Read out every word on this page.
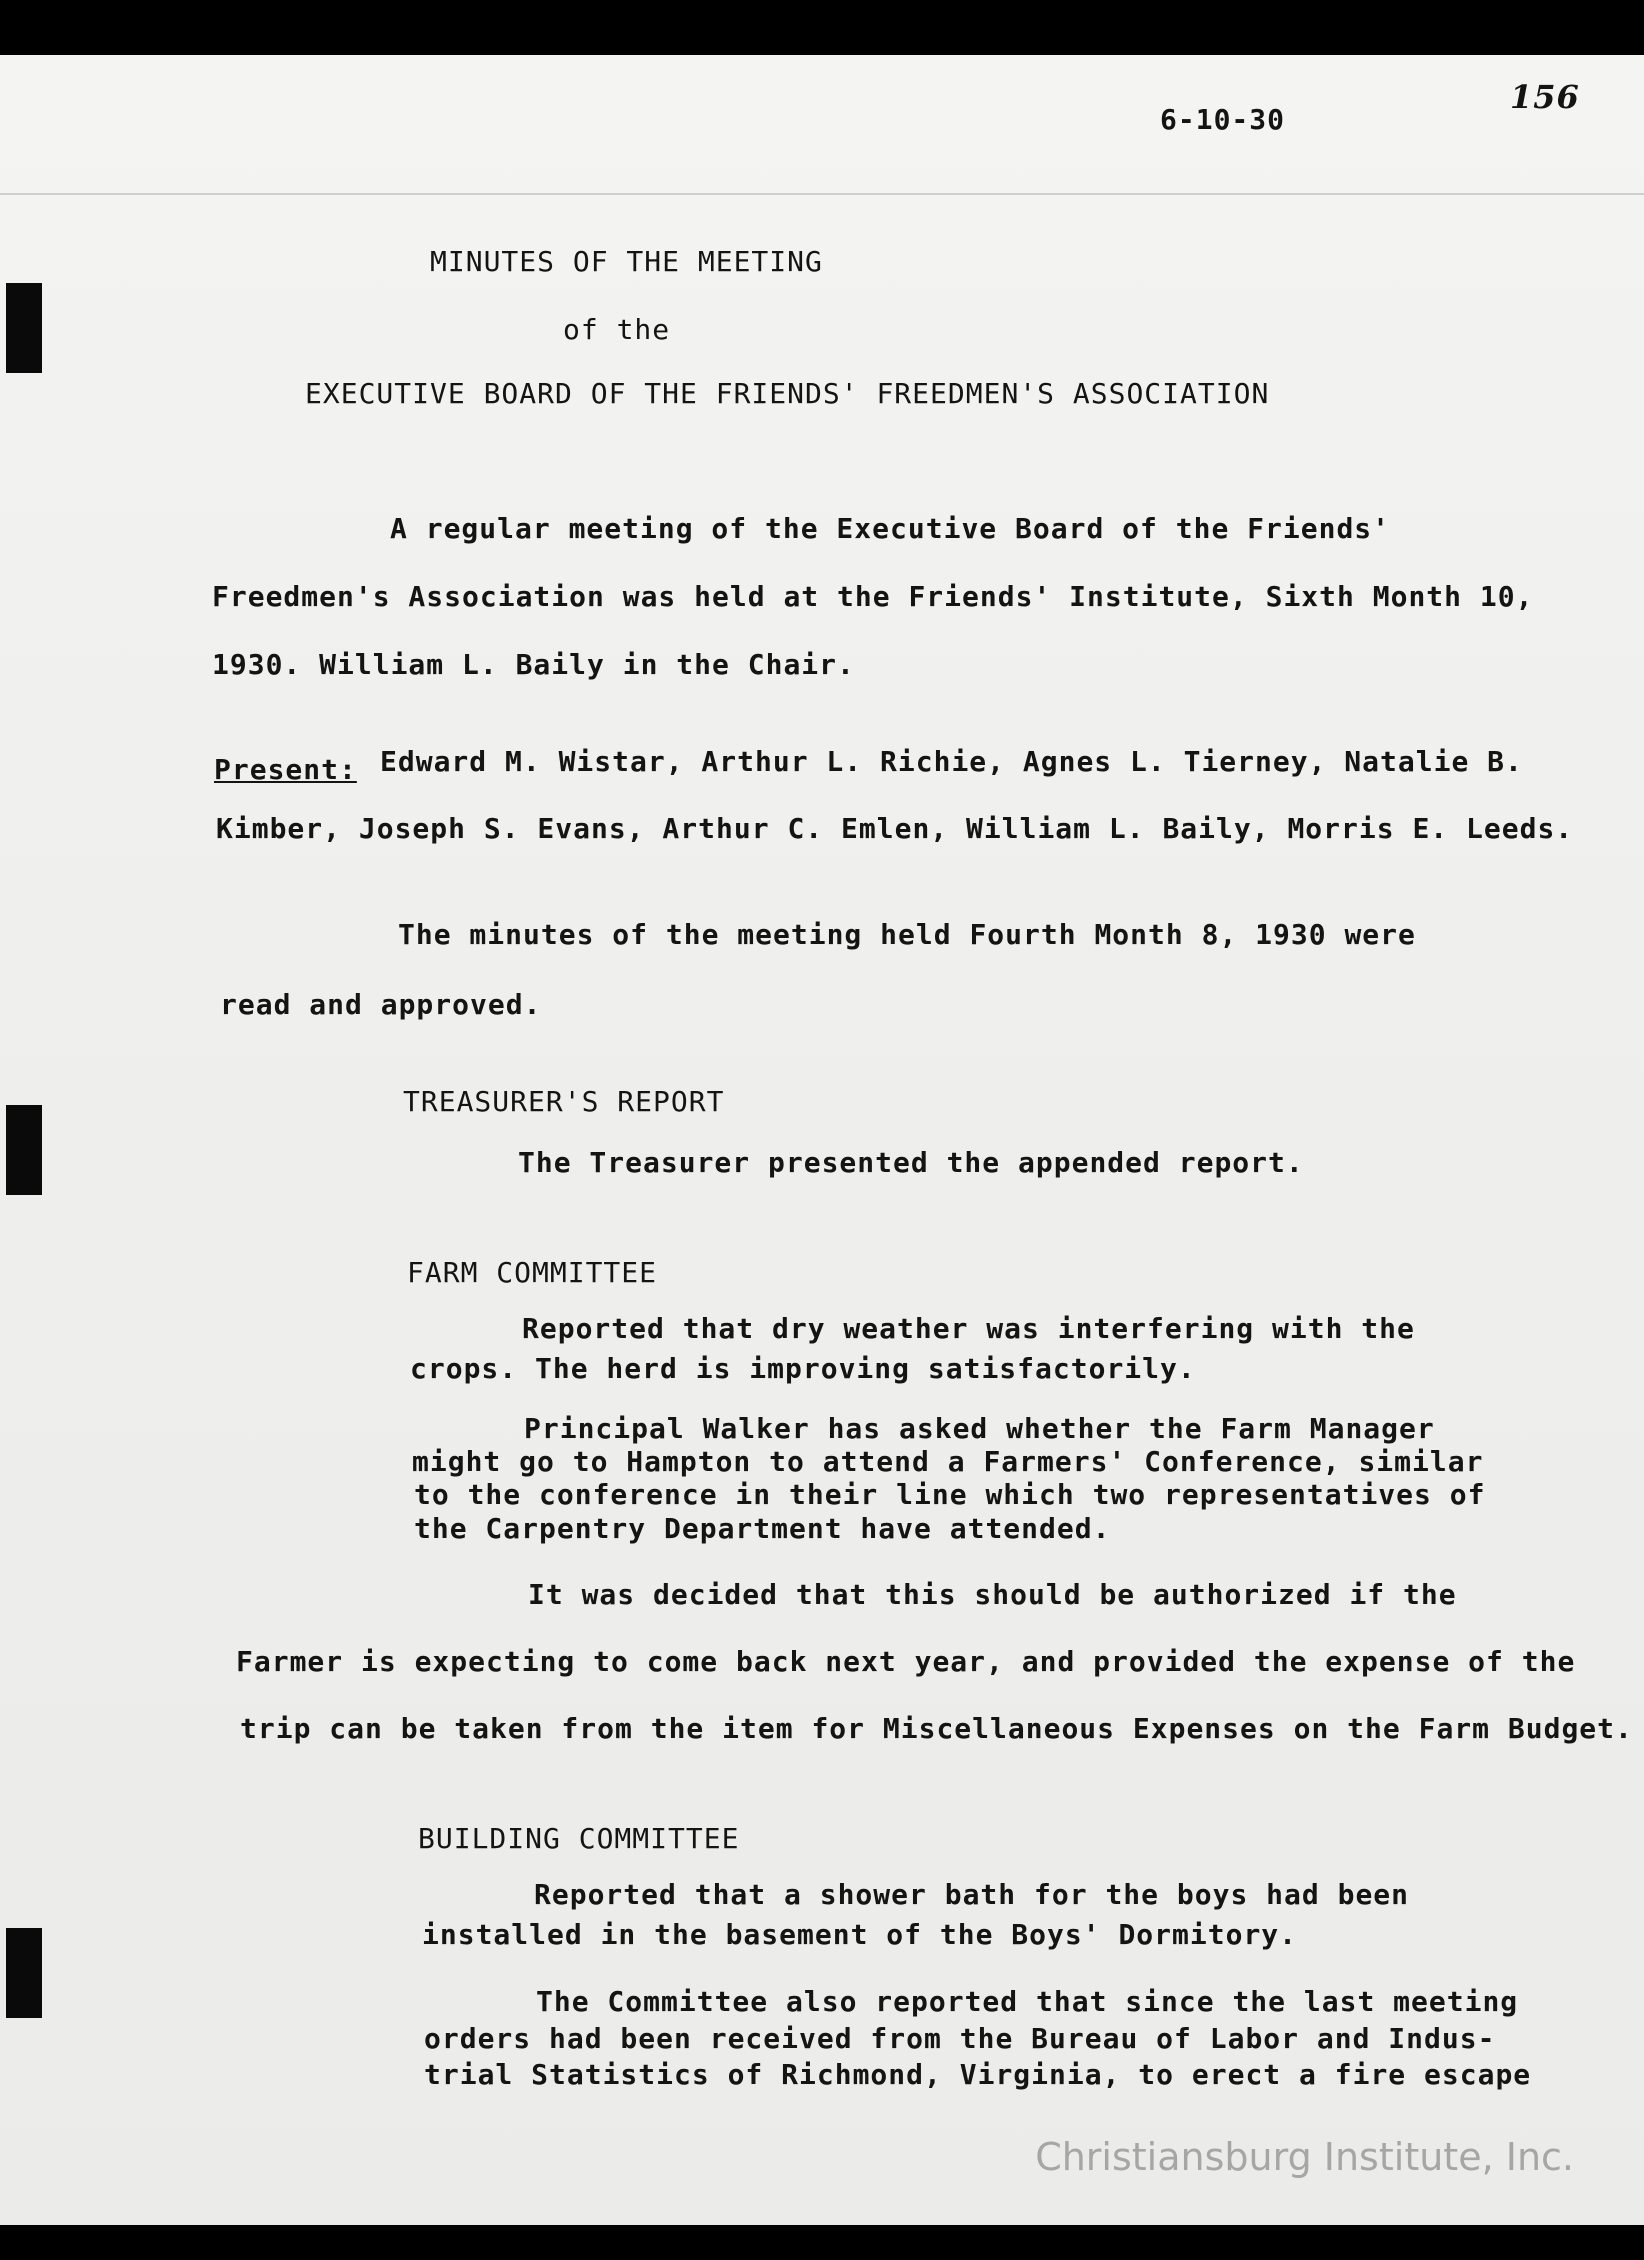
156
6-10-30
MINUTES OF THE MEETING
of the
EXECUTIVE BOARD OF THE FRIENDS' FREEDMEN'S ASSOCIATION
A regular meeting of the Executive Board of the Friends'
Freedmen's Association was held at the Friends' Institute, Sixth Month 10,
1930. William L. Baily in the Chair.
Present: Edward M. Wistar, Arthur L. Richie, Agnes L. Tierney, Natalie B.
Kimber, Joseph S. Evans, Arthur C. Emlen, William L. Baily, Morris E. Leeds.
The minutes of the meeting held Fourth Month 8, 1930 were
read and approved.
TREASURER'S REPORT
The Treasurer presented the appended report.
FARM COMMITTEE
Reported that dry weather was interfering with the
crops. The herd is improving satisfactorily.
Principal Walker has asked whether the Farm Manager
might go to Hampton to attend a Farmers' Conference, similar
to the conference in their line which two representatives of
the Carpentry Department have attended.
It was decided that this should be authorized if the
Farmer is expecting to come back next year, and provided the expense of the
trip can be taken from the item for Miscellaneous Expenses on the Farm Budget.
BUILDING COMMITTEE
Reported that a shower bath for the boys had been
installed in the basement of the Boys' Dormitory.
The Committee also reported that since the last meeting
orders had been received from the Bureau of Labor and Indus-
trial Statistics of Richmond, Virginia, to erect a fire escape
Christiansburg Institute, Inc.
